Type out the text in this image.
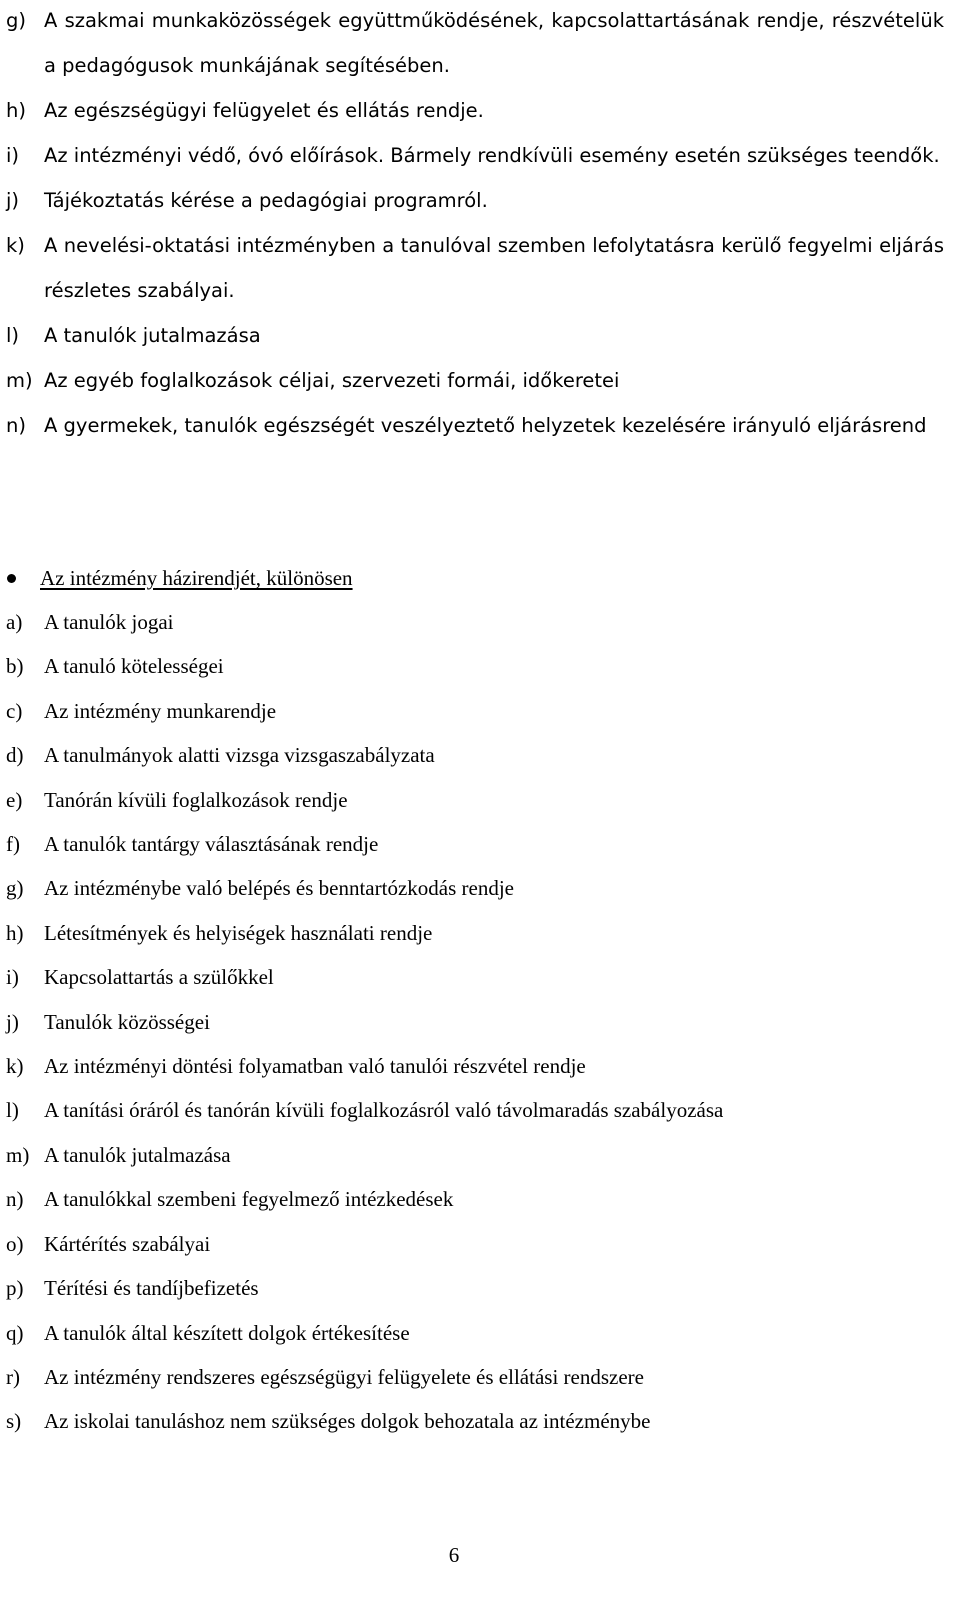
g) A szakmai munkaközösségek együttműködésének, kapcsolattartásának rendje, részvételük a pedagógusok munkájának segítésében.
h) Az egészségügyi felügyelet és ellátás rendje.
i)	Az intézményi védő, óvó előírások. Bármely rendkívüli esemény esetén szükséges teendők.
j)	Tájékoztatás kérése a pedagógiai programról.
k) A nevelési-oktatási intézményben a tanulóval szemben lefolytatásra kerülő fegyelmi eljárás részletes szabályai.
l)	A tanulók jutalmazása
m) Az egyéb foglalkozások céljai, szervezeti formái, időkeretei
n) A gyermekek, tanulók egészségét veszélyeztető helyzetek kezelésére irányuló eljárásrend
Az intézmény házirendjét, különösen
a)	A tanulók jogai
b) A tanuló kötelességei
c)	Az intézmény munkarendje
d) A tanulmányok alatti vizsga vizsgaszabályzata
e)	Tanórán kívüli foglalkozások rendje
f)	A tanulók tantárgy választásának rendje
g) Az intézménybe való belépés és benntartózkodás rendje
h) Létesítmények és helyiségek használati rendje
i)	Kapcsolattartás a szülőkkel
j)	Tanulók közösségei
k) Az intézményi döntési folyamatban való tanulói részvétel rendje
l)	A tanítási óráról és tanórán kívüli foglalkozásról való távolmaradás szabályozása
m) A tanulók jutalmazása
n) A tanulókkal szembeni fegyelmező intézkedések
o) Kártérítés szabályai
p) Térítési és tandíjbefizetés
q) A tanulók által készített dolgok értékesítése
r)	Az intézmény rendszeres egészségügyi felügyelete és ellátási rendszere
s)	Az iskolai tanuláshoz nem szükséges dolgok behozatala az intézménybe
6
